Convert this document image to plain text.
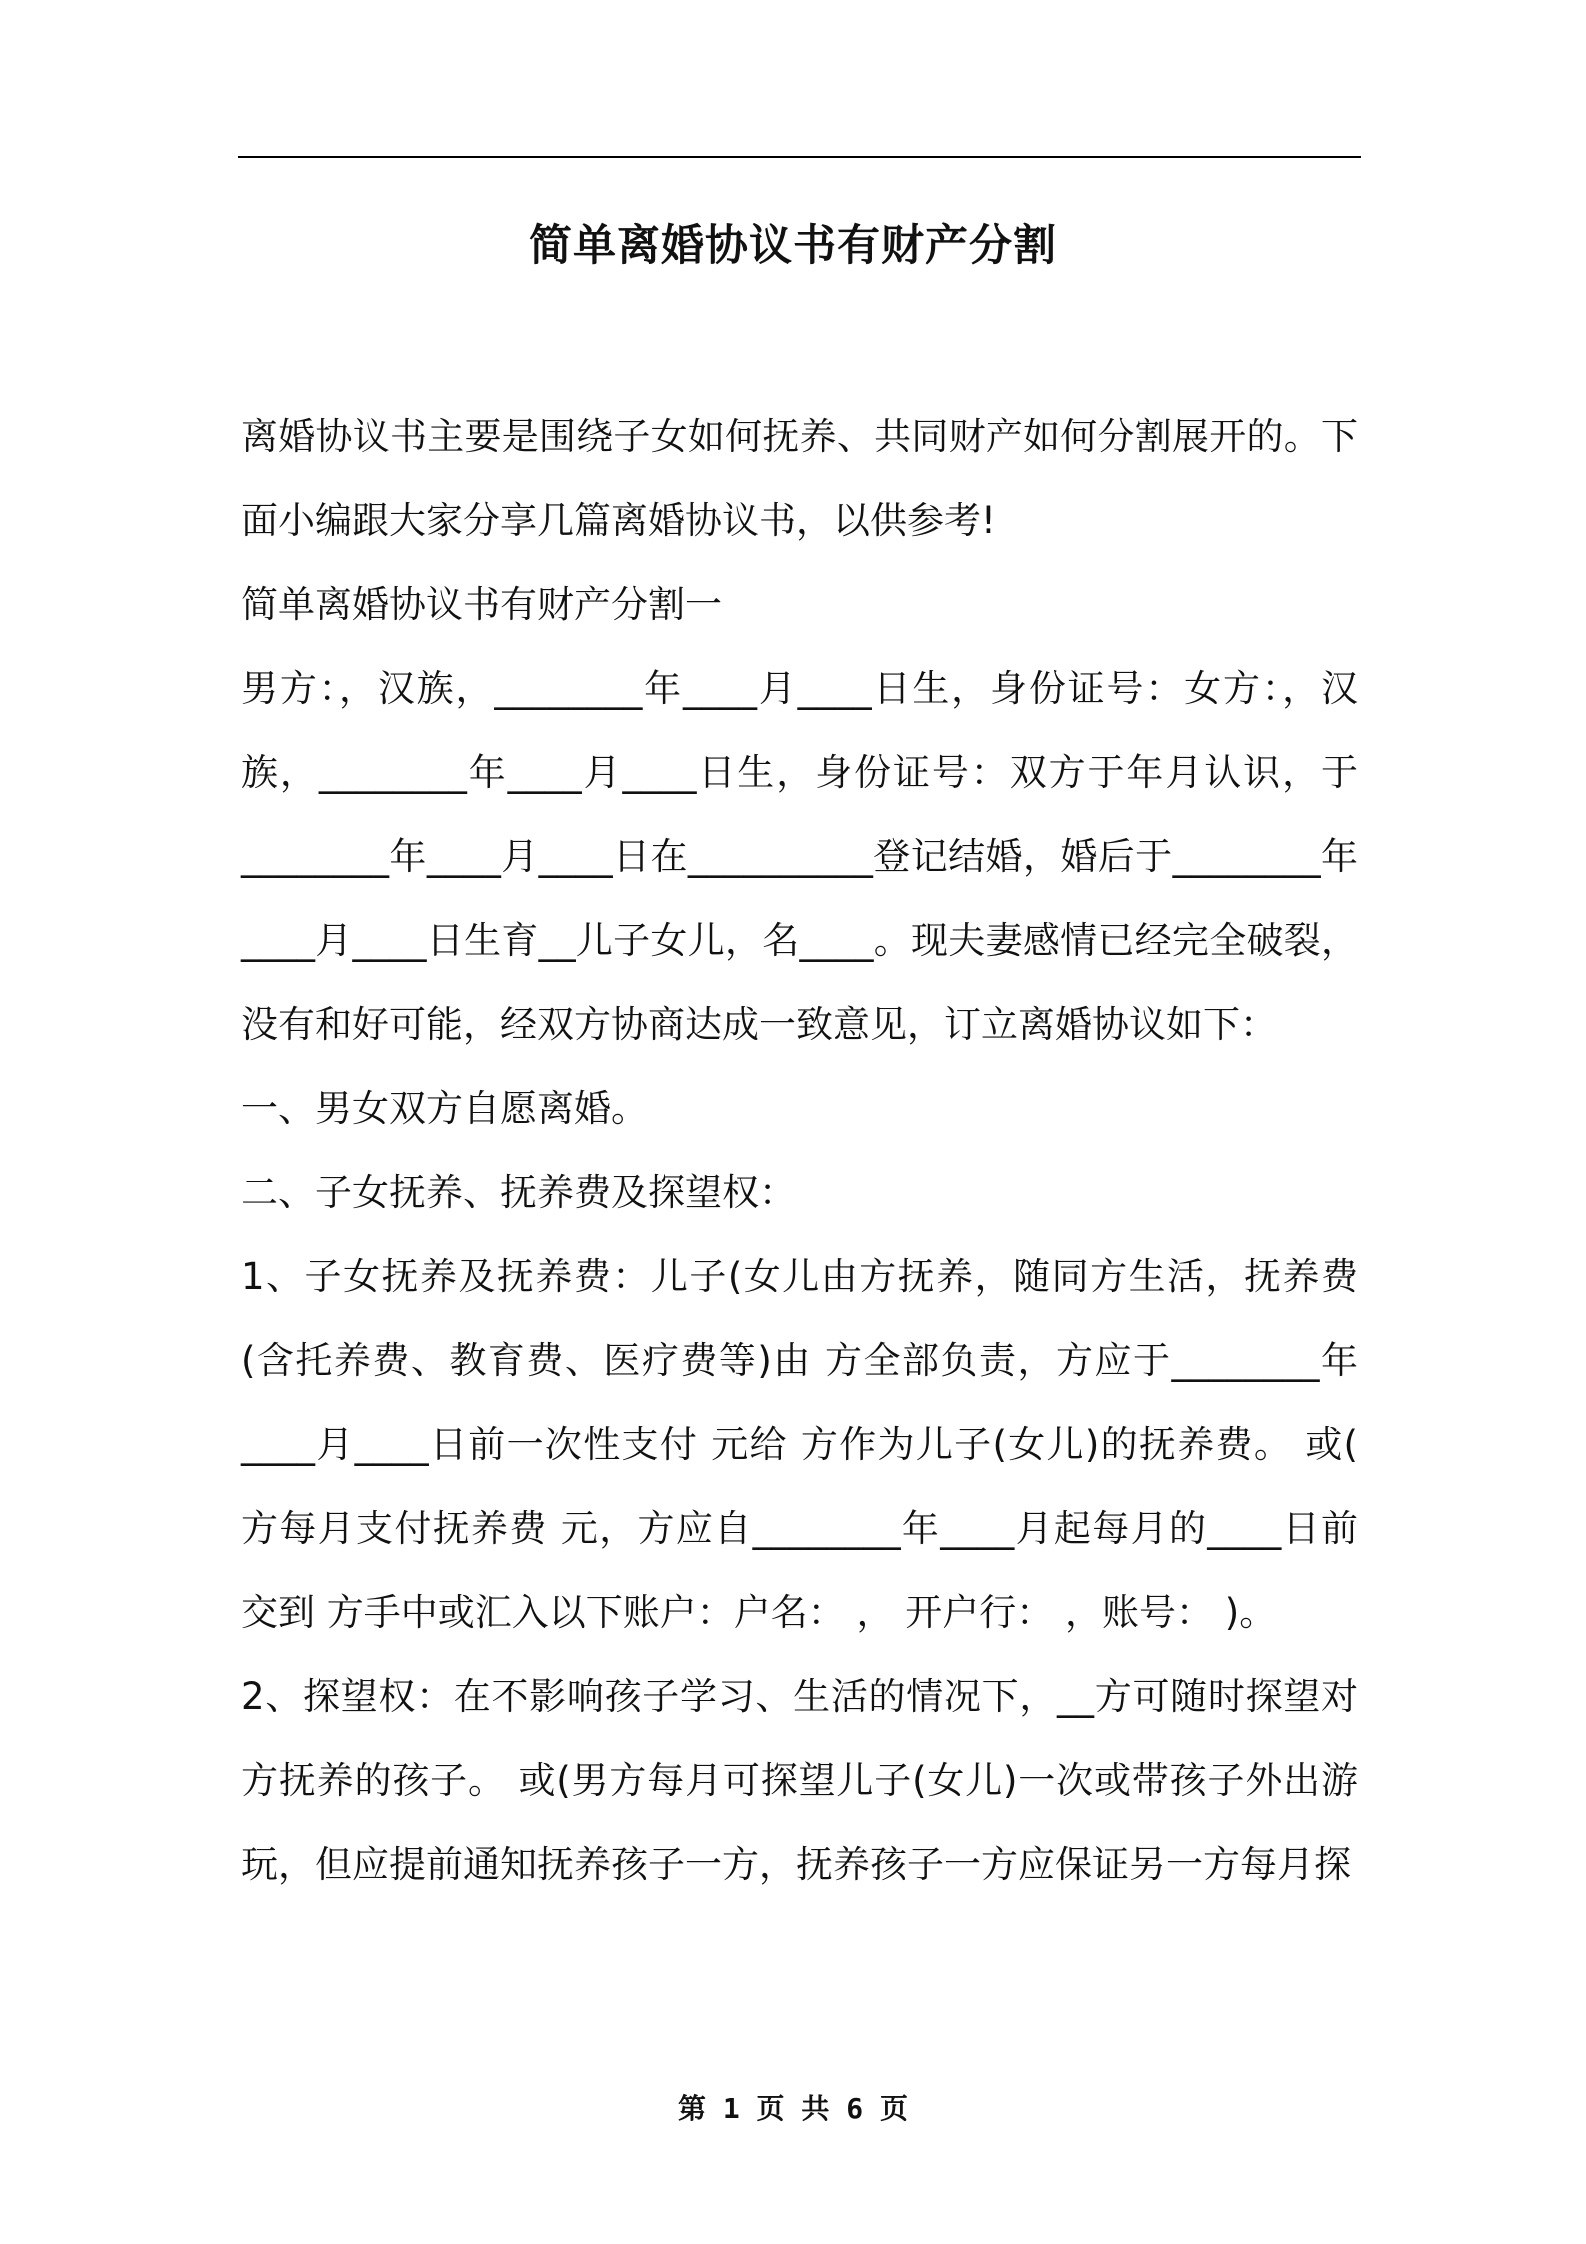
简单离婚协议书有财产分割

离婚协议书主要是围绕子女如何抚养、共同财产如何分割展开的。下面小编跟大家分享几篇离婚协议书，以供参考!

简单离婚协议书有财产分割一

男方：，汉族，________年____月____日生，身份证号：女方：，汉族，________年____月____日生，身份证号：双方于年月认识，于________年____月____日在__________登记结婚，婚后于________年____月____日生育__儿子女儿，名____。现夫妻感情已经完全破裂，没有和好可能，经双方协商达成一致意见，订立离婚协议如下：

一、男女双方自愿离婚。

二、子女抚养、抚养费及探望权：

1、子女抚养及抚养费：儿子(女儿由方抚养，随同方生活，抚养费(含托养费、教育费、医疗费等)由 方全部负责，方应于________年____月____日前一次性支付 元给 方作为儿子(女儿)的抚养费。 或( 方每月支付抚养费 元，方应自________年____月起每月的____日前交到 方手中或汇入以下账户：户名： ， 开户行： ，账号： )。

2、探望权：在不影响孩子学习、生活的情况下，__方可随时探望对方抚养的孩子。 或(男方每月可探望儿子(女儿)一次或带孩子外出游玩，但应提前通知抚养孩子一方，抚养孩子一方应保证另一方每月探

第 1 页 共 6 页
